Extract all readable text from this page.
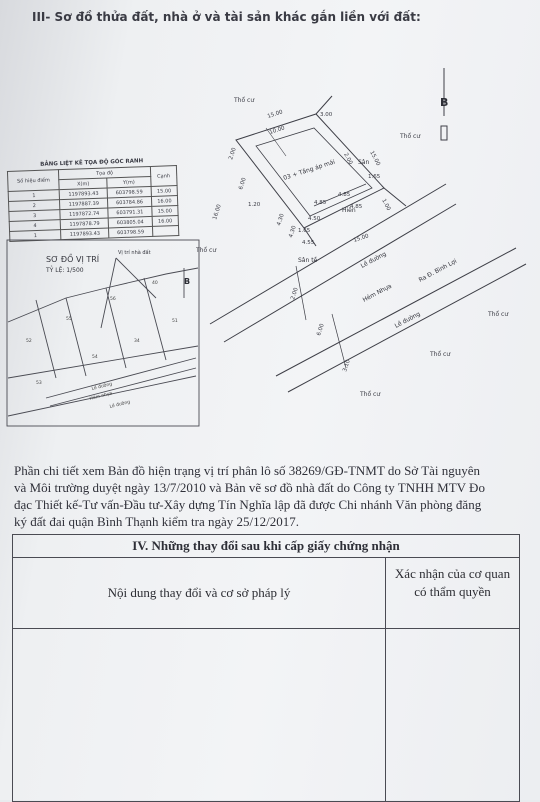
III- Sơ đồ thửa đất, nhà ở và tài sản khác gắn liền với đất:
BẢNG LIỆT KÊ TỌA ĐỘ GÓC RANH
Số hiệu điểm	Tọa độ		Cạnh
	X(m)	Y(m)	
1	1197893.43	603798.59	15.00
2	1197887.39	603784.86	16.00
3	1197872.74	603791.31	15.00
4	1197878.79	603805.04	16.00
1	1197893.43	603798.59	
B
SƠ ĐỒ VỊ TRÍ
TỶ LỆ: 1/500
Vị trí nhà đất
56
40
55
54
53
51
52	34
Lề đường
Hẻm nhựa
Lề đường
B
Thổ cư
Thổ cư
Thổ cư
Thổ cư
Thổ cư
Thổ cư
15.00
10.00
3.00
16.00
15.00
2.00	2.00
6.00
1.20
4.85
4.85
4.85
1.65
1.00
4.30
4.30
4.50
1.65
4.55	15.00
2.00
6.00
3.10
03 + Tầng áp mái	Sân
Sân tề
Hiên
Lề đường
Hẻm Nhựa
Ra Đ. Bình Lợi
Lề đường
Phần chi tiết xem Bản đồ hiện trạng vị trí phân lô số 38269/GĐ-TNMT do Sở Tài nguyên
và Môi trường duyệt ngày 13/7/2010 và Bản vẽ sơ đồ nhà đất do Công ty TNHH MTV Đo
đạc Thiết kế-Tư vấn-Đầu tư-Xây dựng Tín Nghĩa lập đã được Chi nhánh Văn phòng đăng
ký đất đai quận Bình Thạnh kiểm tra ngày 25/12/2017.
IV. Những thay đổi sau khi cấp giấy chứng nhận
Nội dung thay đổi và cơ sở pháp lý
Xác nhận của cơ quan
có thẩm quyền
